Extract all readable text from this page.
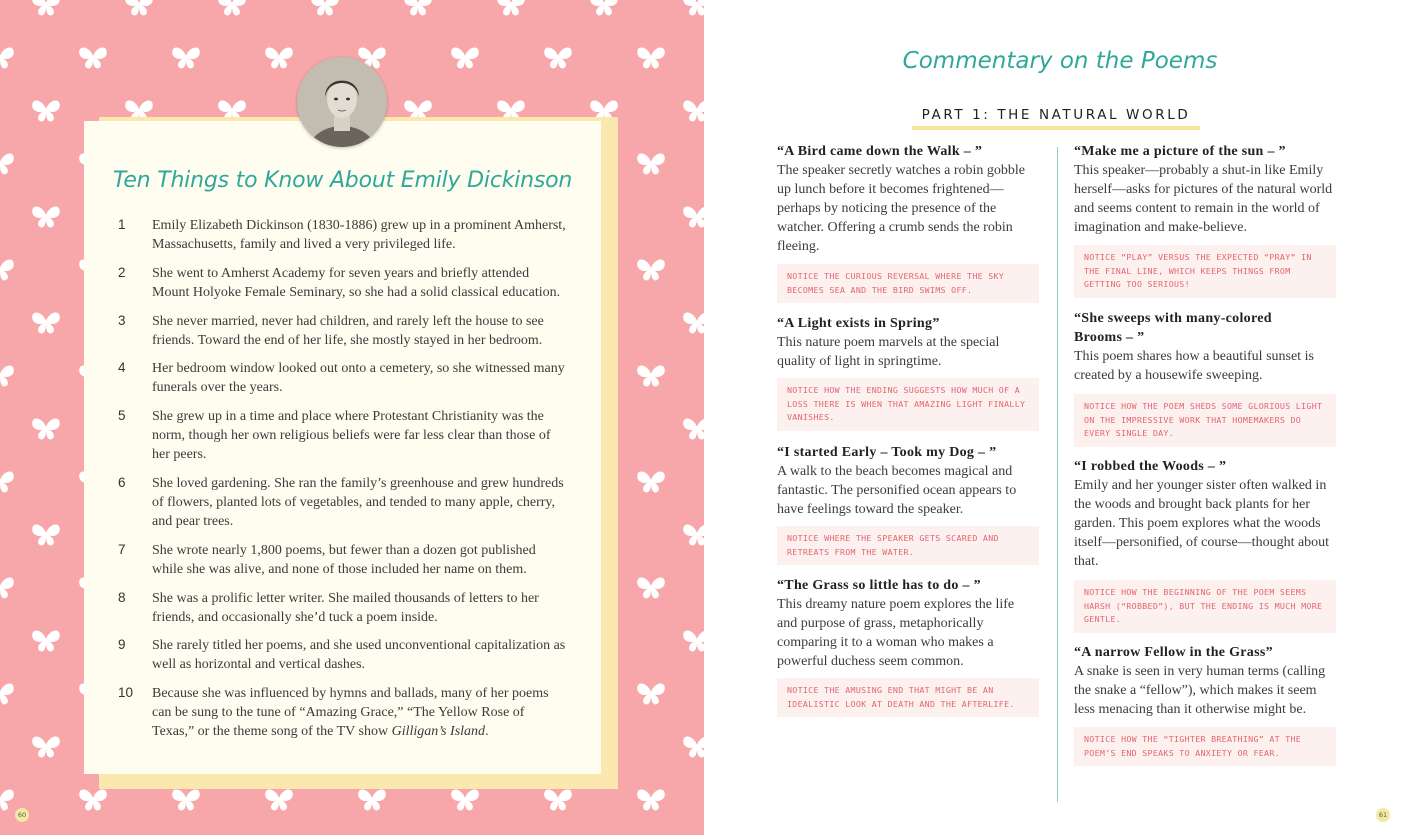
Ten Things to Know About Emily Dickinson
1	Emily Elizabeth Dickinson (1830-1886) grew up in a prominent Amherst, Massachusetts, family and lived a very privileged life.
2	She went to Amherst Academy for seven years and briefly attended Mount Holyoke Female Seminary, so she had a solid classical education.
3	She never married, never had children, and rarely left the house to see friends. Toward the end of her life, she mostly stayed in her bedroom.
4	Her bedroom window looked out onto a cemetery, so she witnessed many funerals over the years.
5	She grew up in a time and place where Protestant Christianity was the norm, though her own religious beliefs were far less clear than those of her peers.
6	She loved gardening. She ran the family’s greenhouse and grew hundreds of flowers, planted lots of vegetables, and tended to many apple, cherry, and pear trees.
7	She wrote nearly 1,800 poems, but fewer than a dozen got published while she was alive, and none of those included her name on them.
8	She was a prolific letter writer. She mailed thousands of letters to her friends, and occasionally she’d tuck a poem inside.
9	She rarely titled her poems, and she used unconventional capitalization as well as horizontal and vertical dashes.
10	Because she was influenced by hymns and ballads, many of her poems can be sung to the tune of “Amazing Grace,” “The Yellow Rose of Texas,” or the theme song of the TV show Gilligan’s Island.
60
Commentary on the Poems
PART 1: THE NATURAL WORLD
“A Bird came down the Walk – ”
The speaker secretly watches a robin gobble up lunch before it becomes frightened—perhaps by noticing the presence of the watcher. Offering a crumb sends the robin fleeing.
NOTICE THE CURIOUS REVERSAL WHERE THE SKY BECOMES SEA AND THE BIRD SWIMS OFF.
“A Light exists in Spring”
This nature poem marvels at the special quality of light in springtime.
NOTICE HOW THE ENDING SUGGESTS HOW MUCH OF A LOSS THERE IS WHEN THAT AMAZING LIGHT FINALLY VANISHES.
“I started Early – Took my Dog – ”
A walk to the beach becomes magical and fantastic. The personified ocean appears to have feelings toward the speaker.
NOTICE WHERE THE SPEAKER GETS SCARED AND RETREATS FROM THE WATER.
“The Grass so little has to do – ”
This dreamy nature poem explores the life and purpose of grass, metaphorically comparing it to a woman who makes a powerful duchess seem common.
NOTICE THE AMUSING END THAT MIGHT BE AN IDEALISTIC LOOK AT DEATH AND THE AFTERLIFE.
“Make me a picture of the sun – ”
This speaker—probably a shut-in like Emily herself—asks for pictures of the natural world and seems content to remain in the world of imagination and make-believe.
NOTICE “PLAY” VERSUS THE EXPECTED “PRAY” IN THE FINAL LINE, WHICH KEEPS THINGS FROM GETTING TOO SERIOUS!
“She sweeps with many-colored Brooms – ”
This poem shares how a beautiful sunset is created by a housewife sweeping.
NOTICE HOW THE POEM SHEDS SOME GLORIOUS LIGHT ON THE IMPRESSIVE WORK THAT HOMEMAKERS DO EVERY SINGLE DAY.
“I robbed the Woods – ”
Emily and her younger sister often walked in the woods and brought back plants for her garden. This poem explores what the woods itself—personified, of course—thought about that.
NOTICE HOW THE BEGINNING OF THE POEM SEEMS HARSH (“ROBBED”), BUT THE ENDING IS MUCH MORE GENTLE.
“A narrow Fellow in the Grass”
A snake is seen in very human terms (calling the snake a “fellow”), which makes it seem less menacing than it otherwise might be.
NOTICE HOW THE “TIGHTER BREATHING” AT THE POEM’S END SPEAKS TO ANXIETY OR FEAR.
61
